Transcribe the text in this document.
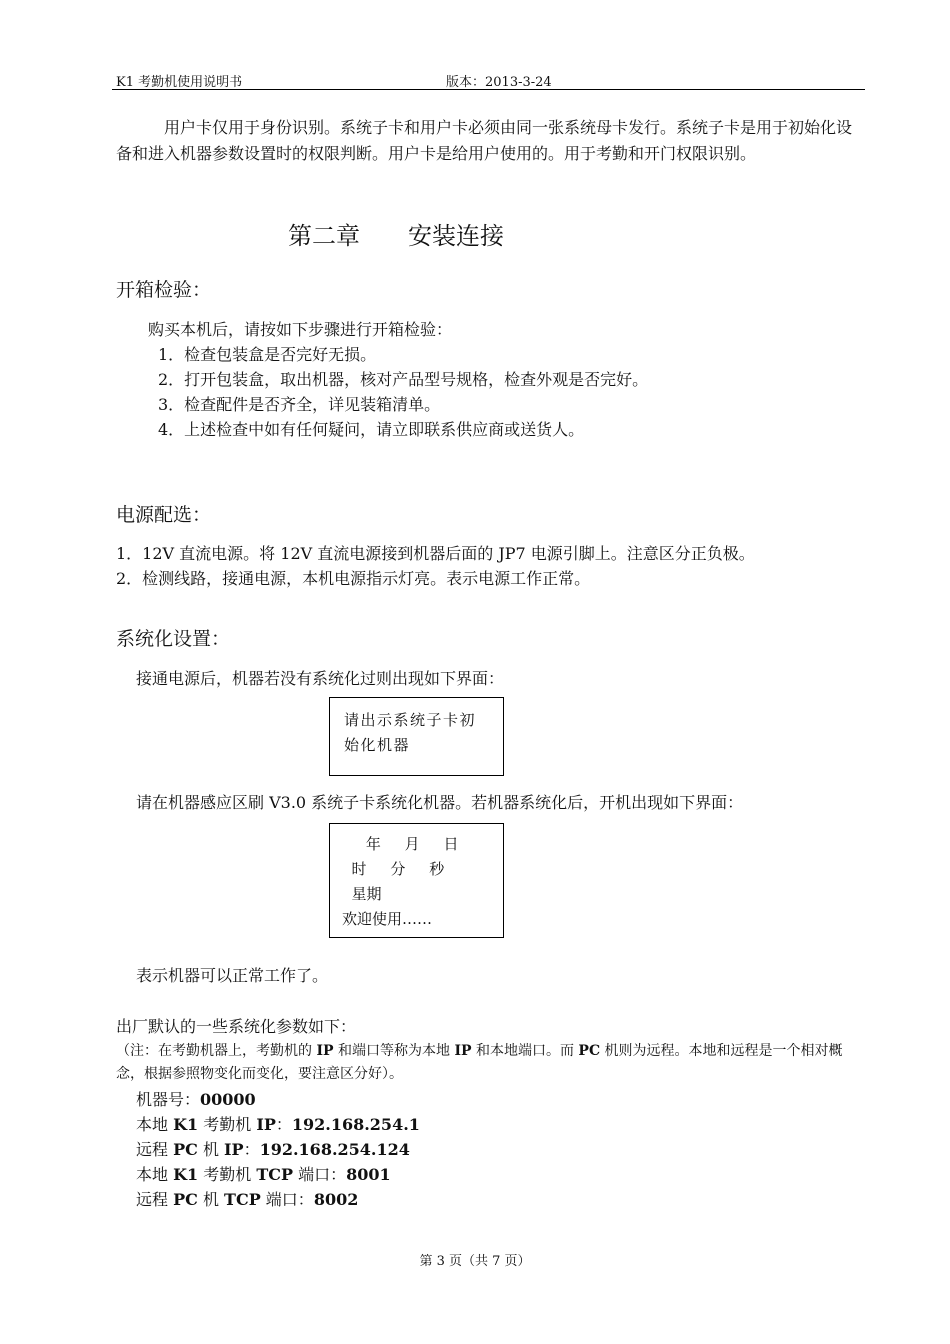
K1 考勤机使用说明书	版本：2013-3-24
用户卡仅用于身份识别。系统子卡和用户卡必须由同一张系统母卡发行。系统子卡是用于初始化设备和进入机器参数设置时的权限判断。用户卡是给用户使用的。用于考勤和开门权限识别。
第二章　　安装连接
开箱检验：
购买本机后，请按如下步骤进行开箱检验：
1．检查包装盒是否完好无损。
2．打开包装盒，取出机器，核对产品型号规格，检查外观是否完好。
3．检查配件是否齐全，详见装箱清单。
4．上述检查中如有任何疑问，请立即联系供应商或送货人。
电源配选：
1．12V 直流电源。将 12V 直流电源接到机器后面的 JP7 电源引脚上。注意区分正负极。
2．检测线路，接通电源，本机电源指示灯亮。表示电源工作正常。
系统化设置：
接通电源后，机器若没有系统化过则出现如下界面：
请出示系统子卡初
始化机器
请在机器感应区刷 V3.0 系统子卡系统化机器。若机器系统化后，开机出现如下界面：
年     月     日
时     分     秒
星期
欢迎使用……
表示机器可以正常工作了。
出厂默认的一些系统化参数如下：
（注：在考勤机器上，考勤机的 IP 和端口等称为本地 IP 和本地端口。而 PC 机则为远程。本地和远程是一个相对概念，根据参照物变化而变化，要注意区分好）。
机器号：00000
本地 K1 考勤机 IP：192.168.254.1
远程 PC 机 IP：192.168.254.124
本地 K1 考勤机 TCP 端口：8001
远程 PC 机 TCP 端口：8002
第 3 页（共 7 页）
